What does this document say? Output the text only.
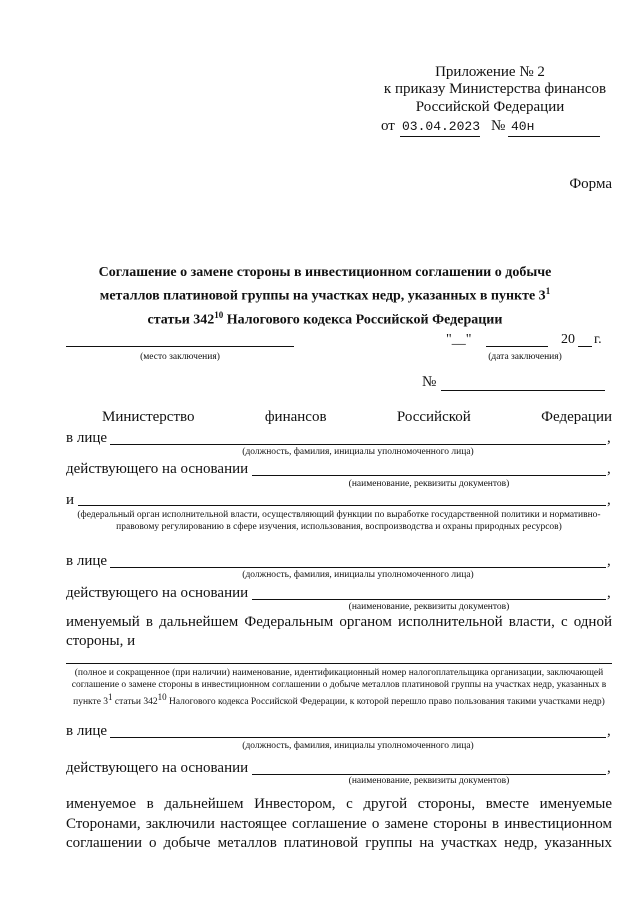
Приложение № 2
к приказу Министерства финансов
Российской Федерации
от 03.04.2023 № 40н
Форма
Соглашение о замене стороны в инвестиционном соглашении о добыче
металлов платиновой группы на участках недр, указанных в пункте $3^1$
статьи $342^{10}$ Налогового кодекса Российской Федерации
(место заключения)
"__"	20 г.
(дата заключения)
№
Министерство	финансов	Российской	Федерации
в лице	,
(должность, фамилия, инициалы уполномоченного лица)
действующего на основании	,
(наименование, реквизиты документов)
и	,
(федеральный орган исполнительной власти, осуществляющий функции по выработке государственной политики и нормативно-правовому регулированию в сфере изучения, использования, воспроизводства и охраны природных ресурсов)
в лице	,
(должность, фамилия, инициалы уполномоченного лица)
действующего на основании	,
(наименование, реквизиты документов)
именуемый в дальнейшем Федеральным органом исполнительной власти, с одной стороны, и
(полное и сокращенное (при наличии) наименование, идентификационный номер налогоплательщика организации, заключающей соглашение о замене стороны в инвестиционном соглашении о добыче металлов платиновой группы на участках недр, указанных в пункте $3^1$ статьи $342^{10}$ Налогового кодекса Российской Федерации, к которой перешло право пользования такими участками недр)
в лице	,
(должность, фамилия, инициалы уполномоченного лица)
действующего на основании	,
(наименование, реквизиты документов)
именуемое в дальнейшем Инвестором, с другой стороны, вместе именуемые Сторонами, заключили настоящее соглашение о замене стороны в инвестиционном соглашении о добыче металлов платиновой группы на участках недр, указанных
